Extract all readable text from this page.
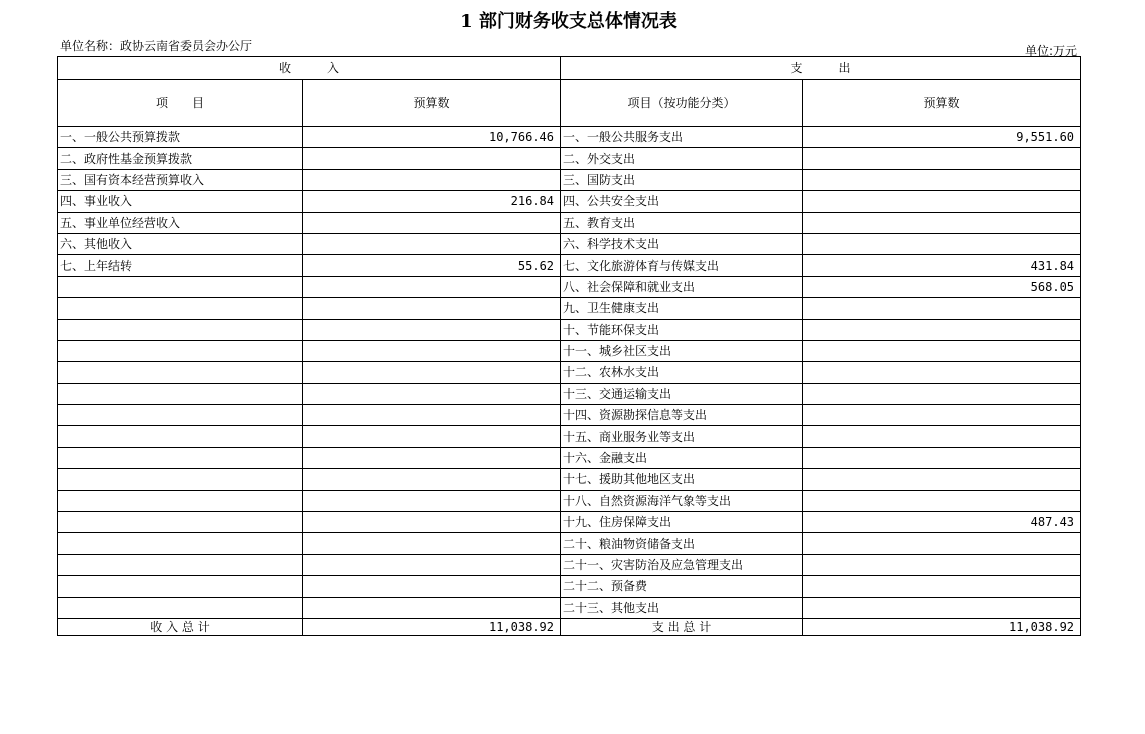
1 部门财务收支总体情况表
单位名称：政协云南省委员会办公厅	单位:万元
收　　　入		支　　　出	
项　　目	预算数	项目（按功能分类）	预算数
一、一般公共预算拨款	10,766.46	一、一般公共服务支出	9,551.60
二、政府性基金预算拨款		二、外交支出	
三、国有资本经营预算收入		三、国防支出	
四、事业收入	216.84	四、公共安全支出	
五、事业单位经营收入		五、教育支出	
六、其他收入		六、科学技术支出	
七、上年结转	55.62	七、文化旅游体育与传媒支出	431.84
		八、社会保障和就业支出	568.05
		九、卫生健康支出	
		十、节能环保支出	
		十一、城乡社区支出	
		十二、农林水支出	
		十三、交通运输支出	
		十四、资源勘探信息等支出	
		十五、商业服务业等支出	
		十六、金融支出	
		十七、援助其他地区支出	
		十八、自然资源海洋气象等支出	
		十九、住房保障支出	487.43
		二十、粮油物资储备支出	
		二十一、灾害防治及应急管理支出	
		二十二、预备费	
		二十三、其他支出	
收 入 总 计	11,038.92	支 出 总 计	11,038.92
